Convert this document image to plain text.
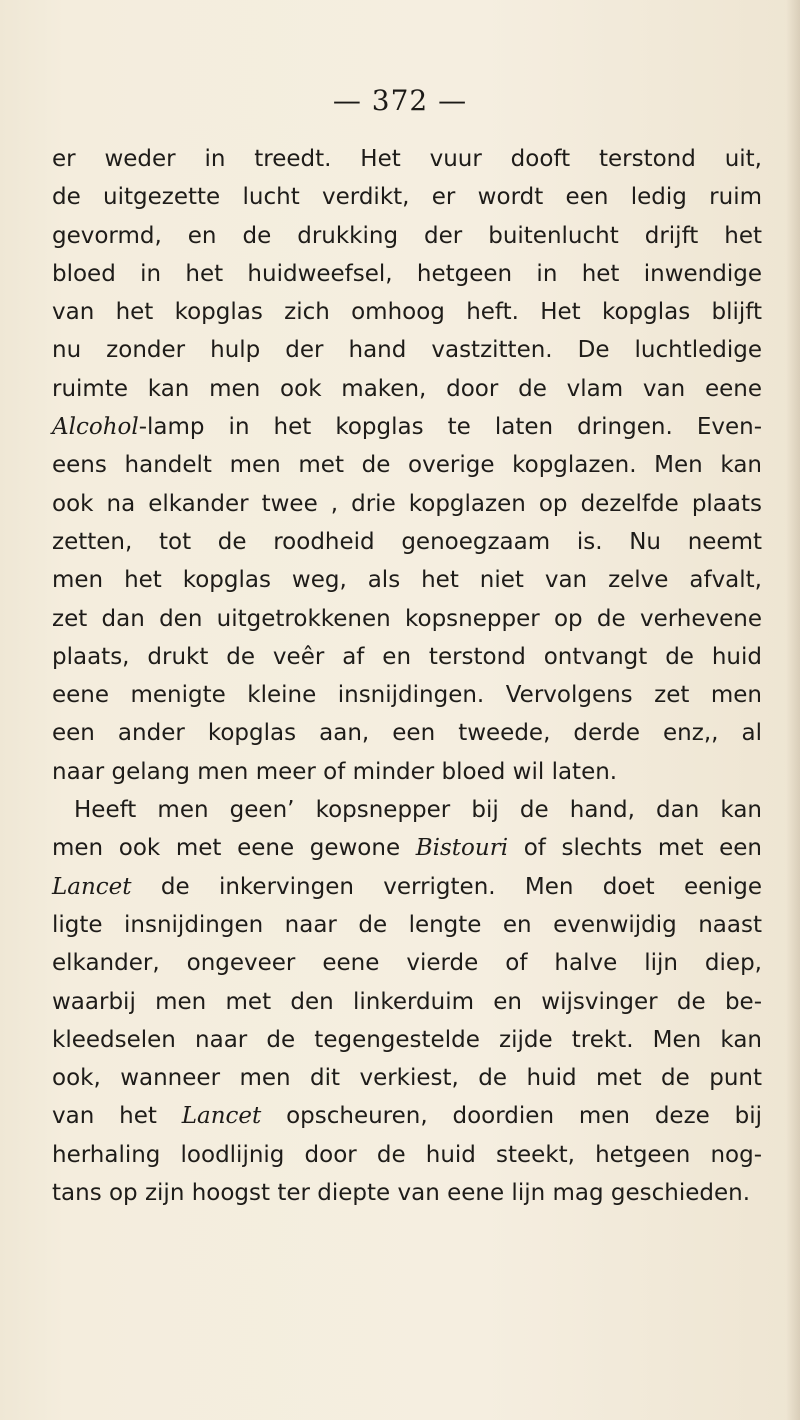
— 372 —
er weder in treedt. Het vuur dooft terstond uit,
de uitgezette lucht verdikt, er wordt een ledig ruim
gevormd, en de drukking der buitenlucht drijft het
bloed in het huidweefsel, hetgeen in het inwendige
van het kopglas zich omhoog heft. Het kopglas blijft
nu zonder hulp der hand vastzitten. De luchtledige
ruimte kan men ook maken, door de vlam van eene
Alcohol-lamp in het kopglas te laten dringen. Even-
eens handelt men met de overige kopglazen. Men kan
ook na elkander twee , drie kopglazen op dezelfde plaats
zetten, tot de roodheid genoegzaam is. Nu neemt
men het kopglas weg, als het niet van zelve afvalt,
zet dan den uitgetrokkenen kopsnepper op de verhevene
plaats, drukt de veêr af en terstond ontvangt de huid
eene menigte kleine insnijdingen. Vervolgens zet men
een ander kopglas aan, een tweede, derde enz,, al
naar gelang men meer of minder bloed wil laten.
Heeft men geen’ kopsnepper bij de hand, dan kan
men ook met eene gewone Bistouri of slechts met een
Lancet de inkervingen verrigten. Men doet eenige
ligte insnijdingen naar de lengte en evenwijdig naast
elkander, ongeveer eene vierde of halve lijn diep,
waarbij men met den linkerduim en wijsvinger de be-
kleedselen naar de tegengestelde zijde trekt. Men kan
ook, wanneer men dit verkiest, de huid met de punt
van het Lancet opscheuren, doordien men deze bij
herhaling loodlijnig door de huid steekt, hetgeen nog-
tans op zijn hoogst ter diepte van eene lijn mag geschieden.
